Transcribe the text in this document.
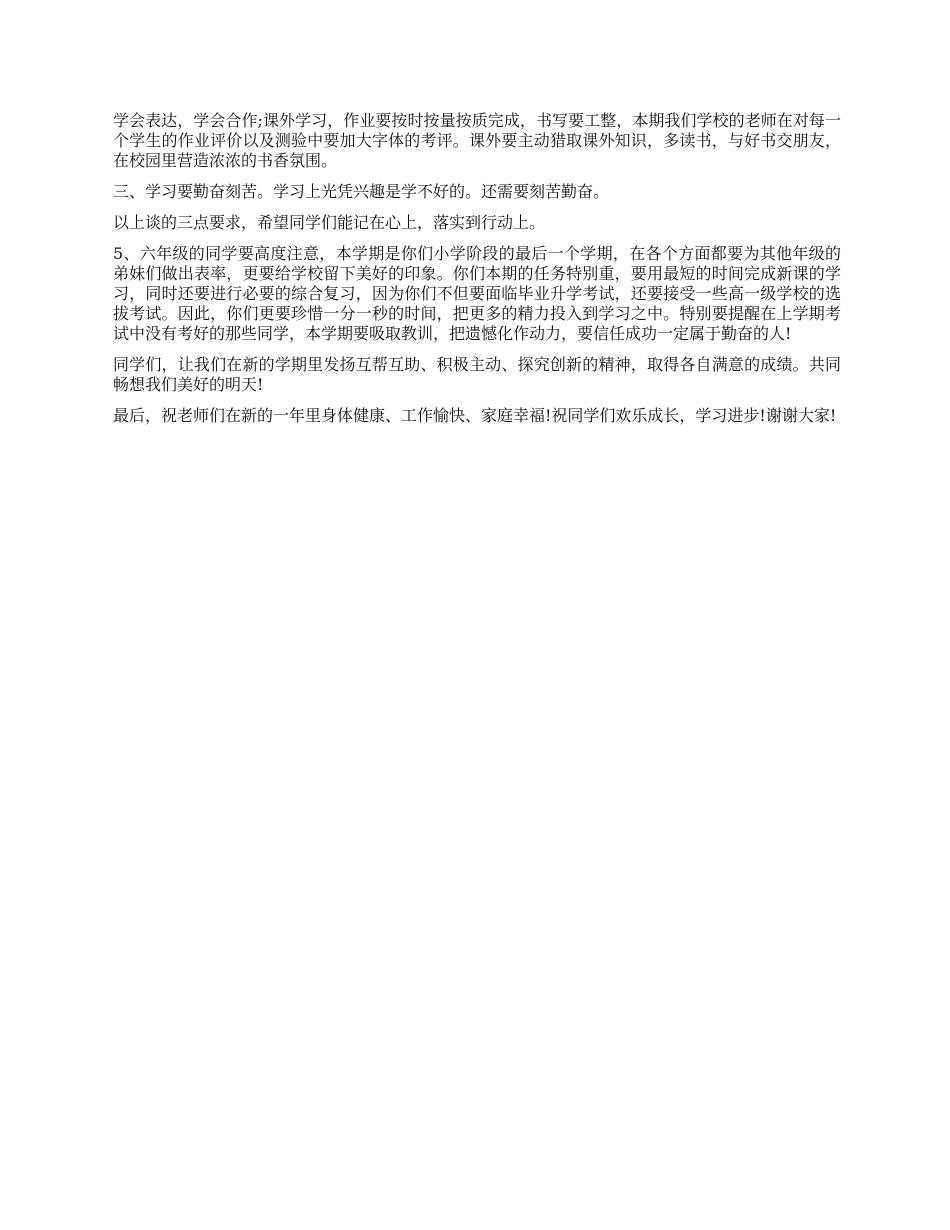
学会表达，学会合作;课外学习，作业要按时按量按质完成，书写要工整，本期我们学校的老师在对每一个学生的作业评价以及测验中要加大字体的考评。课外要主动猎取课外知识，多读书，与好书交朋友，在校园里营造浓浓的书香氛围。

三、学习要勤奋刻苦。学习上光凭兴趣是学不好的。还需要刻苦勤奋。

以上谈的三点要求，希望同学们能记在心上，落实到行动上。

5、六年级的同学要高度注意，本学期是你们小学阶段的最后一个学期，在各个方面都要为其他年级的弟妹们做出表率，更要给学校留下美好的印象。你们本期的任务特别重，要用最短的时间完成新课的学习，同时还要进行必要的综合复习，因为你们不但要面临毕业升学考试，还要接受一些高一级学校的选拔考试。因此，你们更要珍惜一分一秒的时间，把更多的精力投入到学习之中。特别要提醒在上学期考试中没有考好的那些同学，本学期要吸取教训，把遗憾化作动力，要信任成功一定属于勤奋的人!

同学们，让我们在新的学期里发扬互帮互助、积极主动、探究创新的精神，取得各自满意的成绩。共同畅想我们美好的明天!

最后，祝老师们在新的一年里身体健康、工作愉快、家庭幸福!祝同学们欢乐成长，学习进步!谢谢大家!
